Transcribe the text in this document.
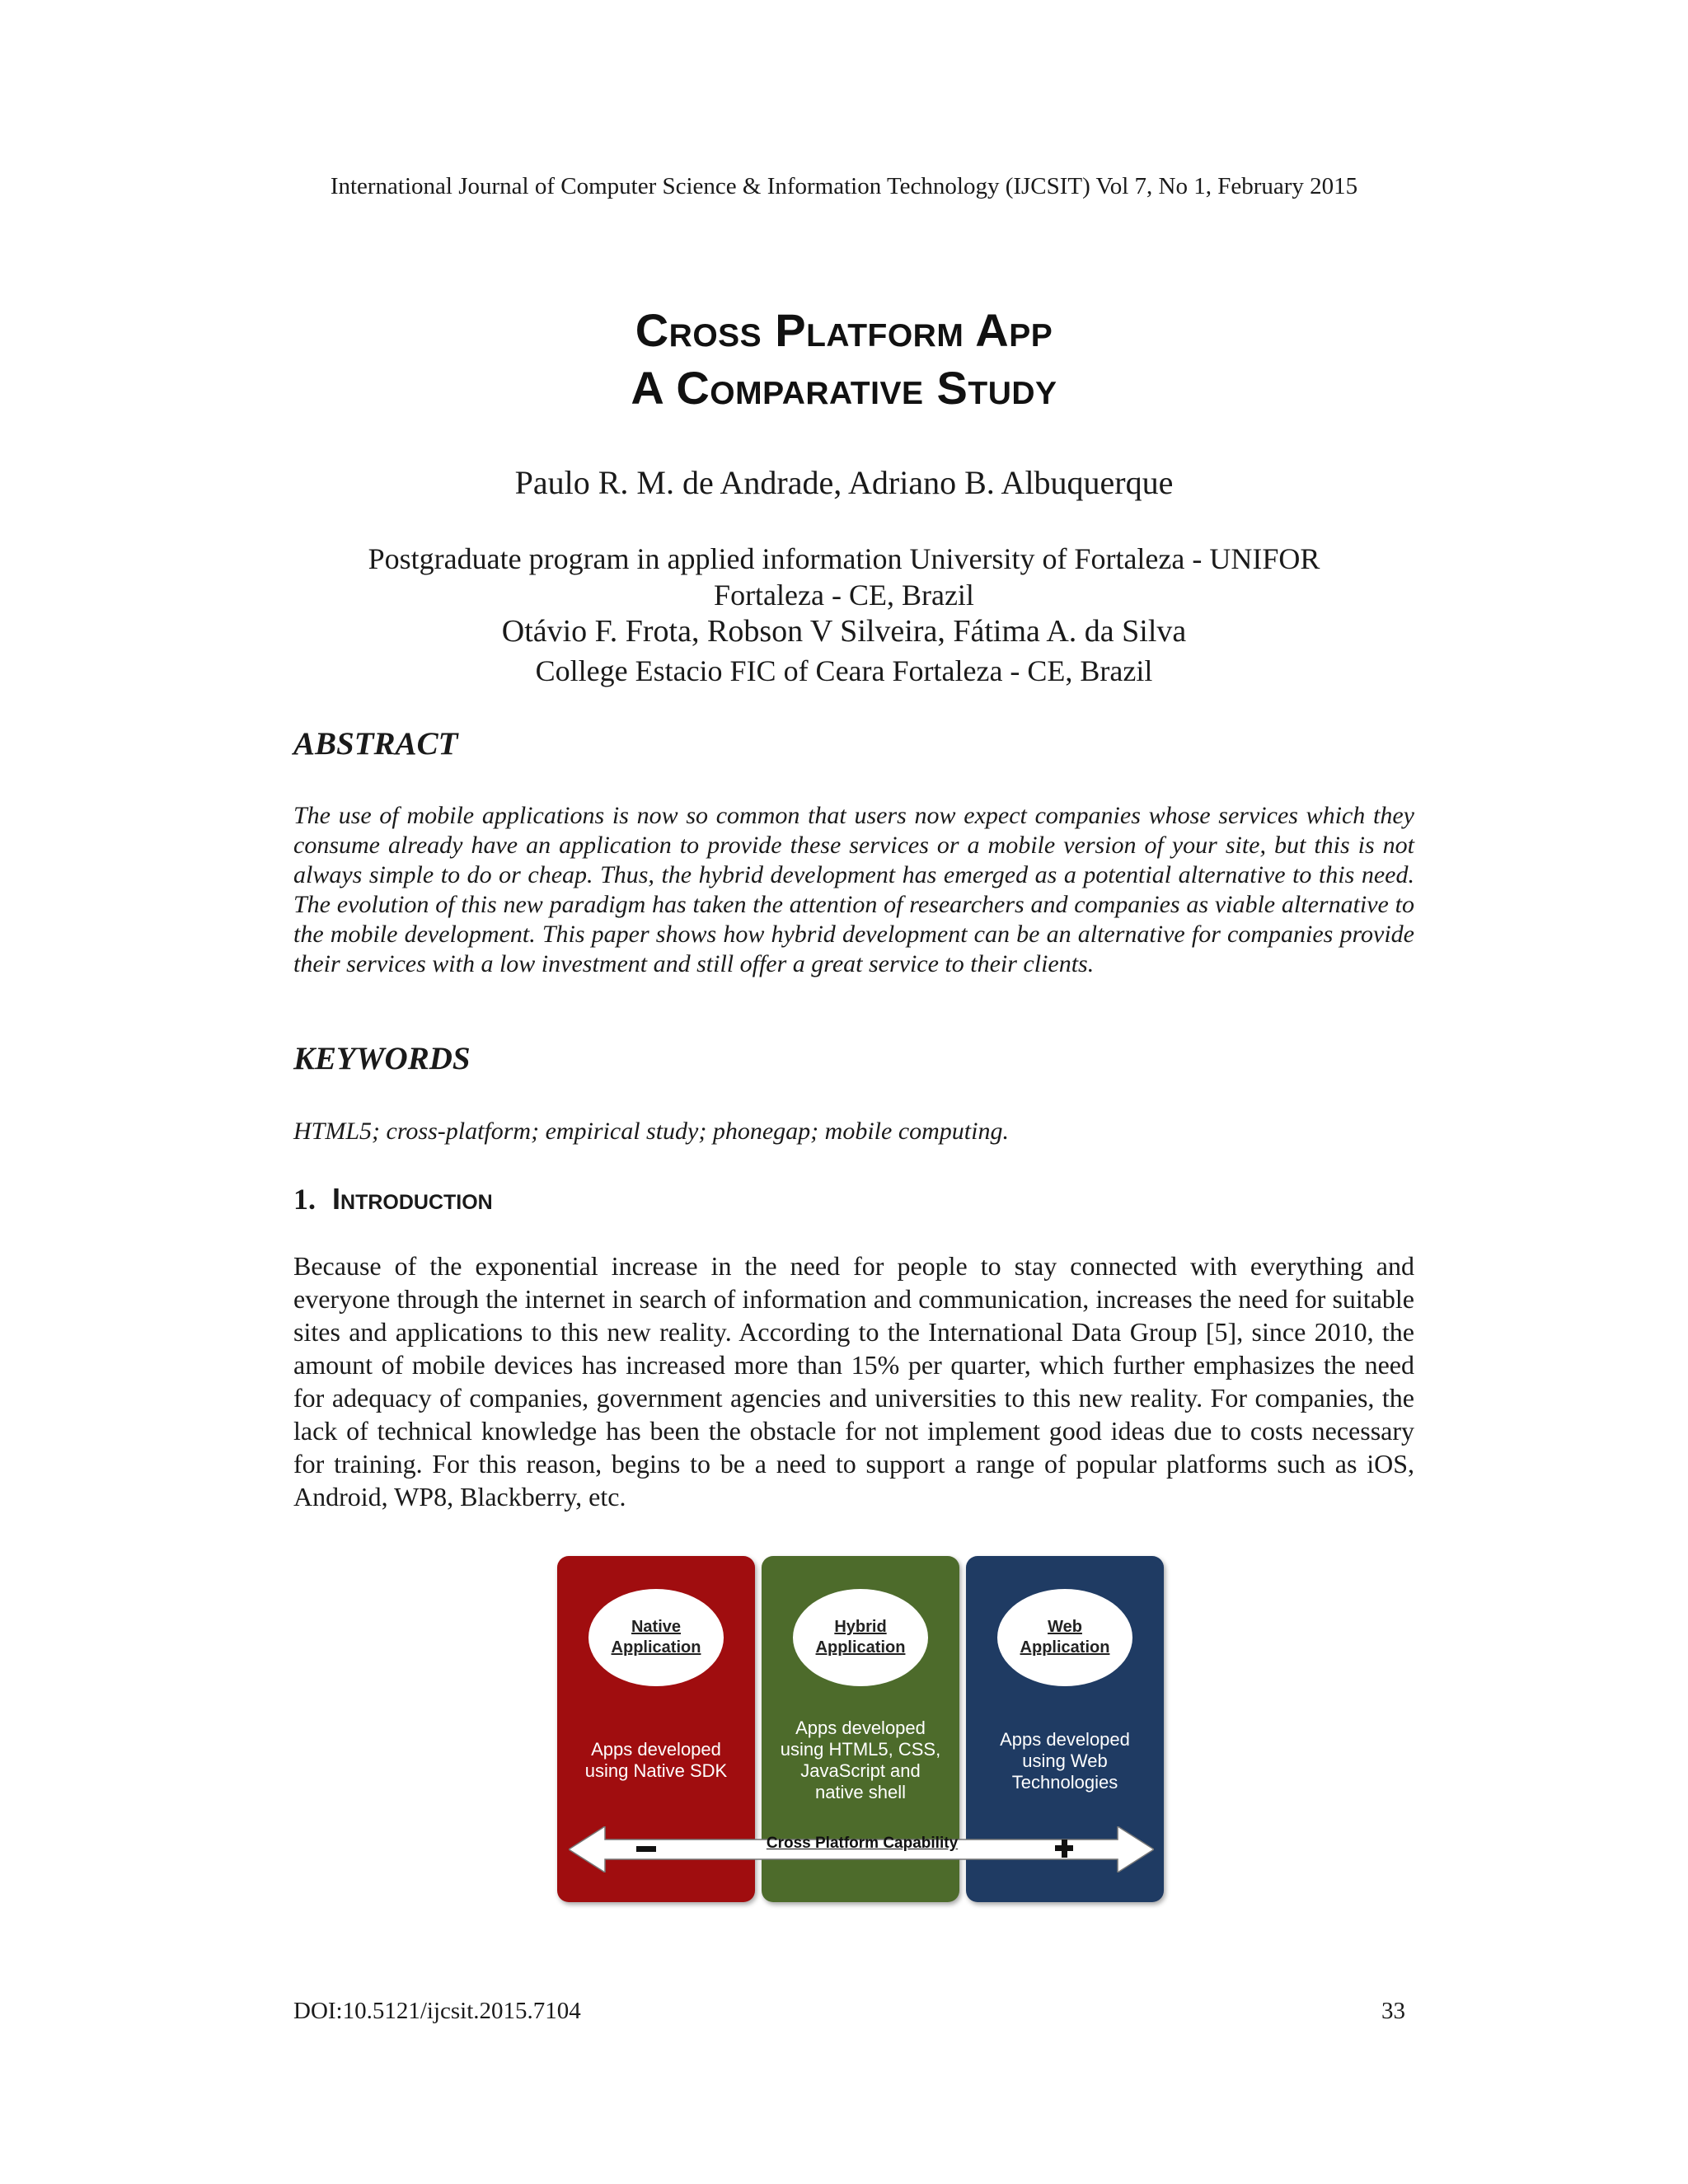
International Journal of Computer Science & Information Technology (IJCSIT) Vol 7, No 1, February 2015
Cross Platform App
A Comparative Study
Paulo R. M. de Andrade, Adriano B. Albuquerque
Postgraduate program in applied information University of Fortaleza - UNIFOR
Fortaleza - CE, Brazil
Otávio F. Frota, Robson V Silveira, Fátima A. da Silva
College Estacio FIC of Ceara Fortaleza - CE, Brazil
ABSTRACT
The use of mobile applications is now so common that users now expect companies whose services which they consume already have an application to provide these services or a mobile version of your site, but this is not always simple to do or cheap. Thus, the hybrid development has emerged as a potential alternative to this need. The evolution of this new paradigm has taken the attention of researchers and companies as viable alternative to the mobile development. This paper shows how hybrid development can be an alternative for companies provide their services with a low investment and still offer a great service to their clients.
KEYWORDS
HTML5; cross-platform; empirical study; phonegap; mobile computing.
1. Introduction
Because of the exponential increase in the need for people to stay connected with everything and everyone through the internet in search of information and communication, increases the need for suitable sites and applications to this new reality. According to the International Data Group [5], since 2010, the amount of mobile devices has increased more than 15% per quarter, which further emphasizes the need for adequacy of companies, government agencies and universities to this new reality. For companies, the lack of technical knowledge has been the obstacle for not implement good ideas due to costs necessary for training. For this reason, begins to be a need to support a range of popular platforms such as iOS, Android, WP8, Blackberry, etc.
Native
Application
Apps developed
using Native SDK
Hybrid
Application
Apps developed
using HTML5, CSS,
JavaScript and
native shell
Web
Application
Apps developed
using Web
Technologies
Cross Platform Capability
DOI:10.5121/ijcsit.2015.7104	33
